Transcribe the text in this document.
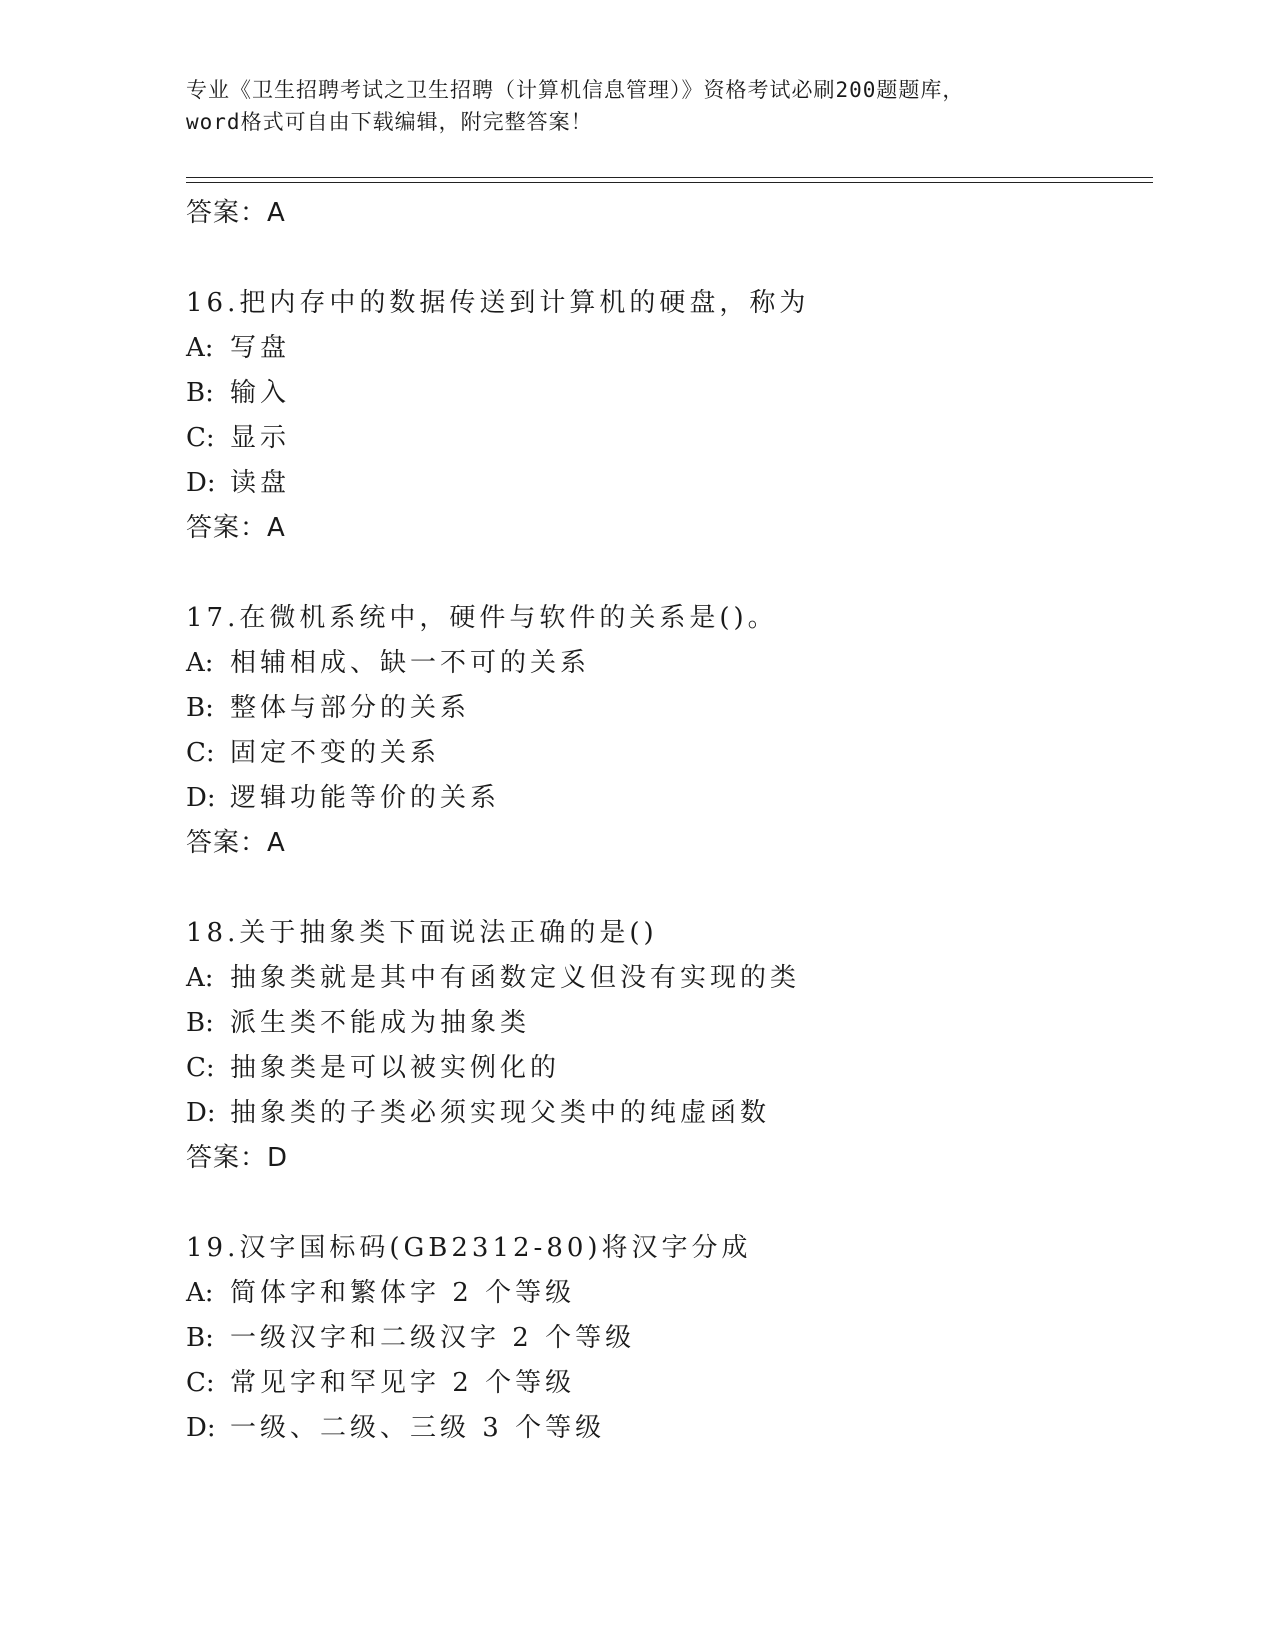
专业《卫生招聘考试之卫生招聘（计算机信息管理）》资格考试必刷200题题库，
word格式可自由下载编辑，附完整答案！
答案：A
16.把内存中的数据传送到计算机的硬盘，称为
A: 写盘
B: 输入
C: 显示
D: 读盘
答案：A
17.在微机系统中，硬件与软件的关系是()。
A: 相辅相成、缺一不可的关系
B: 整体与部分的关系
C: 固定不变的关系
D: 逻辑功能等价的关系
答案：A
18.关于抽象类下面说法正确的是()
A: 抽象类就是其中有函数定义但没有实现的类
B: 派生类不能成为抽象类
C: 抽象类是可以被实例化的
D: 抽象类的子类必须实现父类中的纯虚函数
答案：D
19.汉字国标码(GB2312-80)将汉字分成
A: 简体字和繁体字 2 个等级
B: 一级汉字和二级汉字 2 个等级
C: 常见字和罕见字 2 个等级
D: 一级、二级、三级 3 个等级
